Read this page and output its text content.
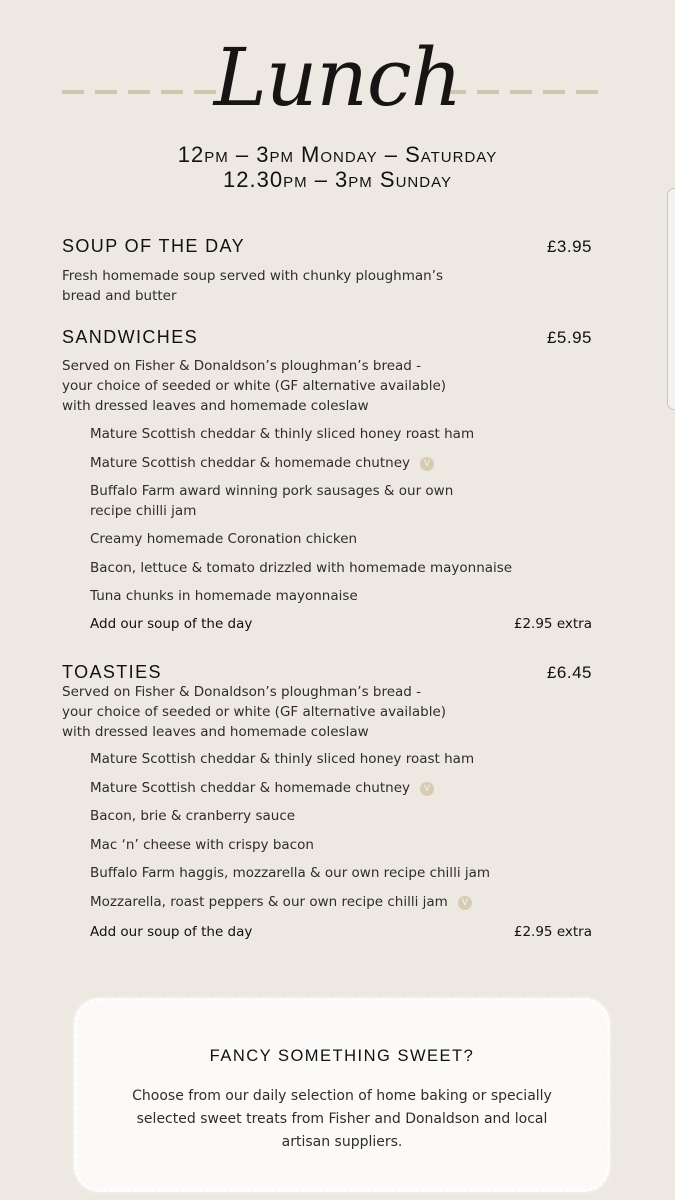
Lunch
12pm – 3pm Monday – Saturday
12.30pm – 3pm Sunday
SOUP OF THE DAY	£3.95
Fresh homemade soup served with chunky ploughman’s
bread and butter
SANDWICHES	£5.95
Served on Fisher & Donaldson’s ploughman’s bread -
your choice of seeded or white (GF alternative available)
with dressed leaves and homemade coleslaw
Mature Scottish cheddar & thinly sliced honey roast ham
Mature Scottish cheddar & homemade chutney V
Buffalo Farm award winning pork sausages & our own
recipe chilli jam
Creamy homemade Coronation chicken
Bacon, lettuce & tomato drizzled with homemade mayonnaise
Tuna chunks in homemade mayonnaise
Add our soup of the day	£2.95 extra
TOASTIES	£6.45
Served on Fisher & Donaldson’s ploughman’s bread -
your choice of seeded or white (GF alternative available)
with dressed leaves and homemade coleslaw
Mature Scottish cheddar & thinly sliced honey roast ham
Mature Scottish cheddar & homemade chutney V
Bacon, brie & cranberry sauce
Mac ‘n’ cheese with crispy bacon
Buffalo Farm haggis, mozzarella & our own recipe chilli jam
Mozzarella, roast peppers & our own recipe chilli jam V
Add our soup of the day	£2.95 extra
FANCY SOMETHING SWEET?
Choose from our daily selection of home baking or specially
selected sweet treats from Fisher and Donaldson and local
artisan suppliers.
